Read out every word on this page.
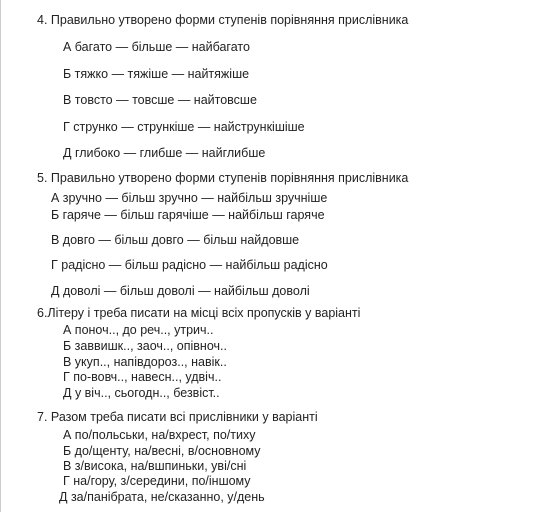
4. Правильно утворено форми ступенів порівняння прислівника
А багато — більше — найбагато
Б тяжко — тяжіше — найтяжіше
В товсто — товсше — найтовсше
Г струнко — стрункіше — найстрункішіше
Д глибоко — глибше — найглибше
5. Правильно утворено форми ступенів порівняння прислівника
А зручно — більш зручно — найбільш зручніше
Б гаряче — більш гарячіше — найбільш гаряче
В довго — більш довго — більш найдовше
Г радісно — більш радісно — найбільш радісно
Д доволі — більш доволі — найбільш доволі
6.Літеру і треба писати на місці всіх пропусків у варіанті
А поноч.., до реч.., утрич..
Б заввишк.., заоч.., опівноч..
В укуп.., напівдороз.., навік..
Г по-вовч.., навесн.., удвіч..
Д у віч.., сьогодн.., безвіст..
7. Разом треба писати всі прислівники у варіанті
А по/польськи, на/вхрест, по/тиху
Б до/щенту, на/весні, в/основному
В з/висока, на/вшпиньки, уві/сні
Г на/гору, з/середини, по/іншому
Д за/панібрата, не/сказанно, у/день
